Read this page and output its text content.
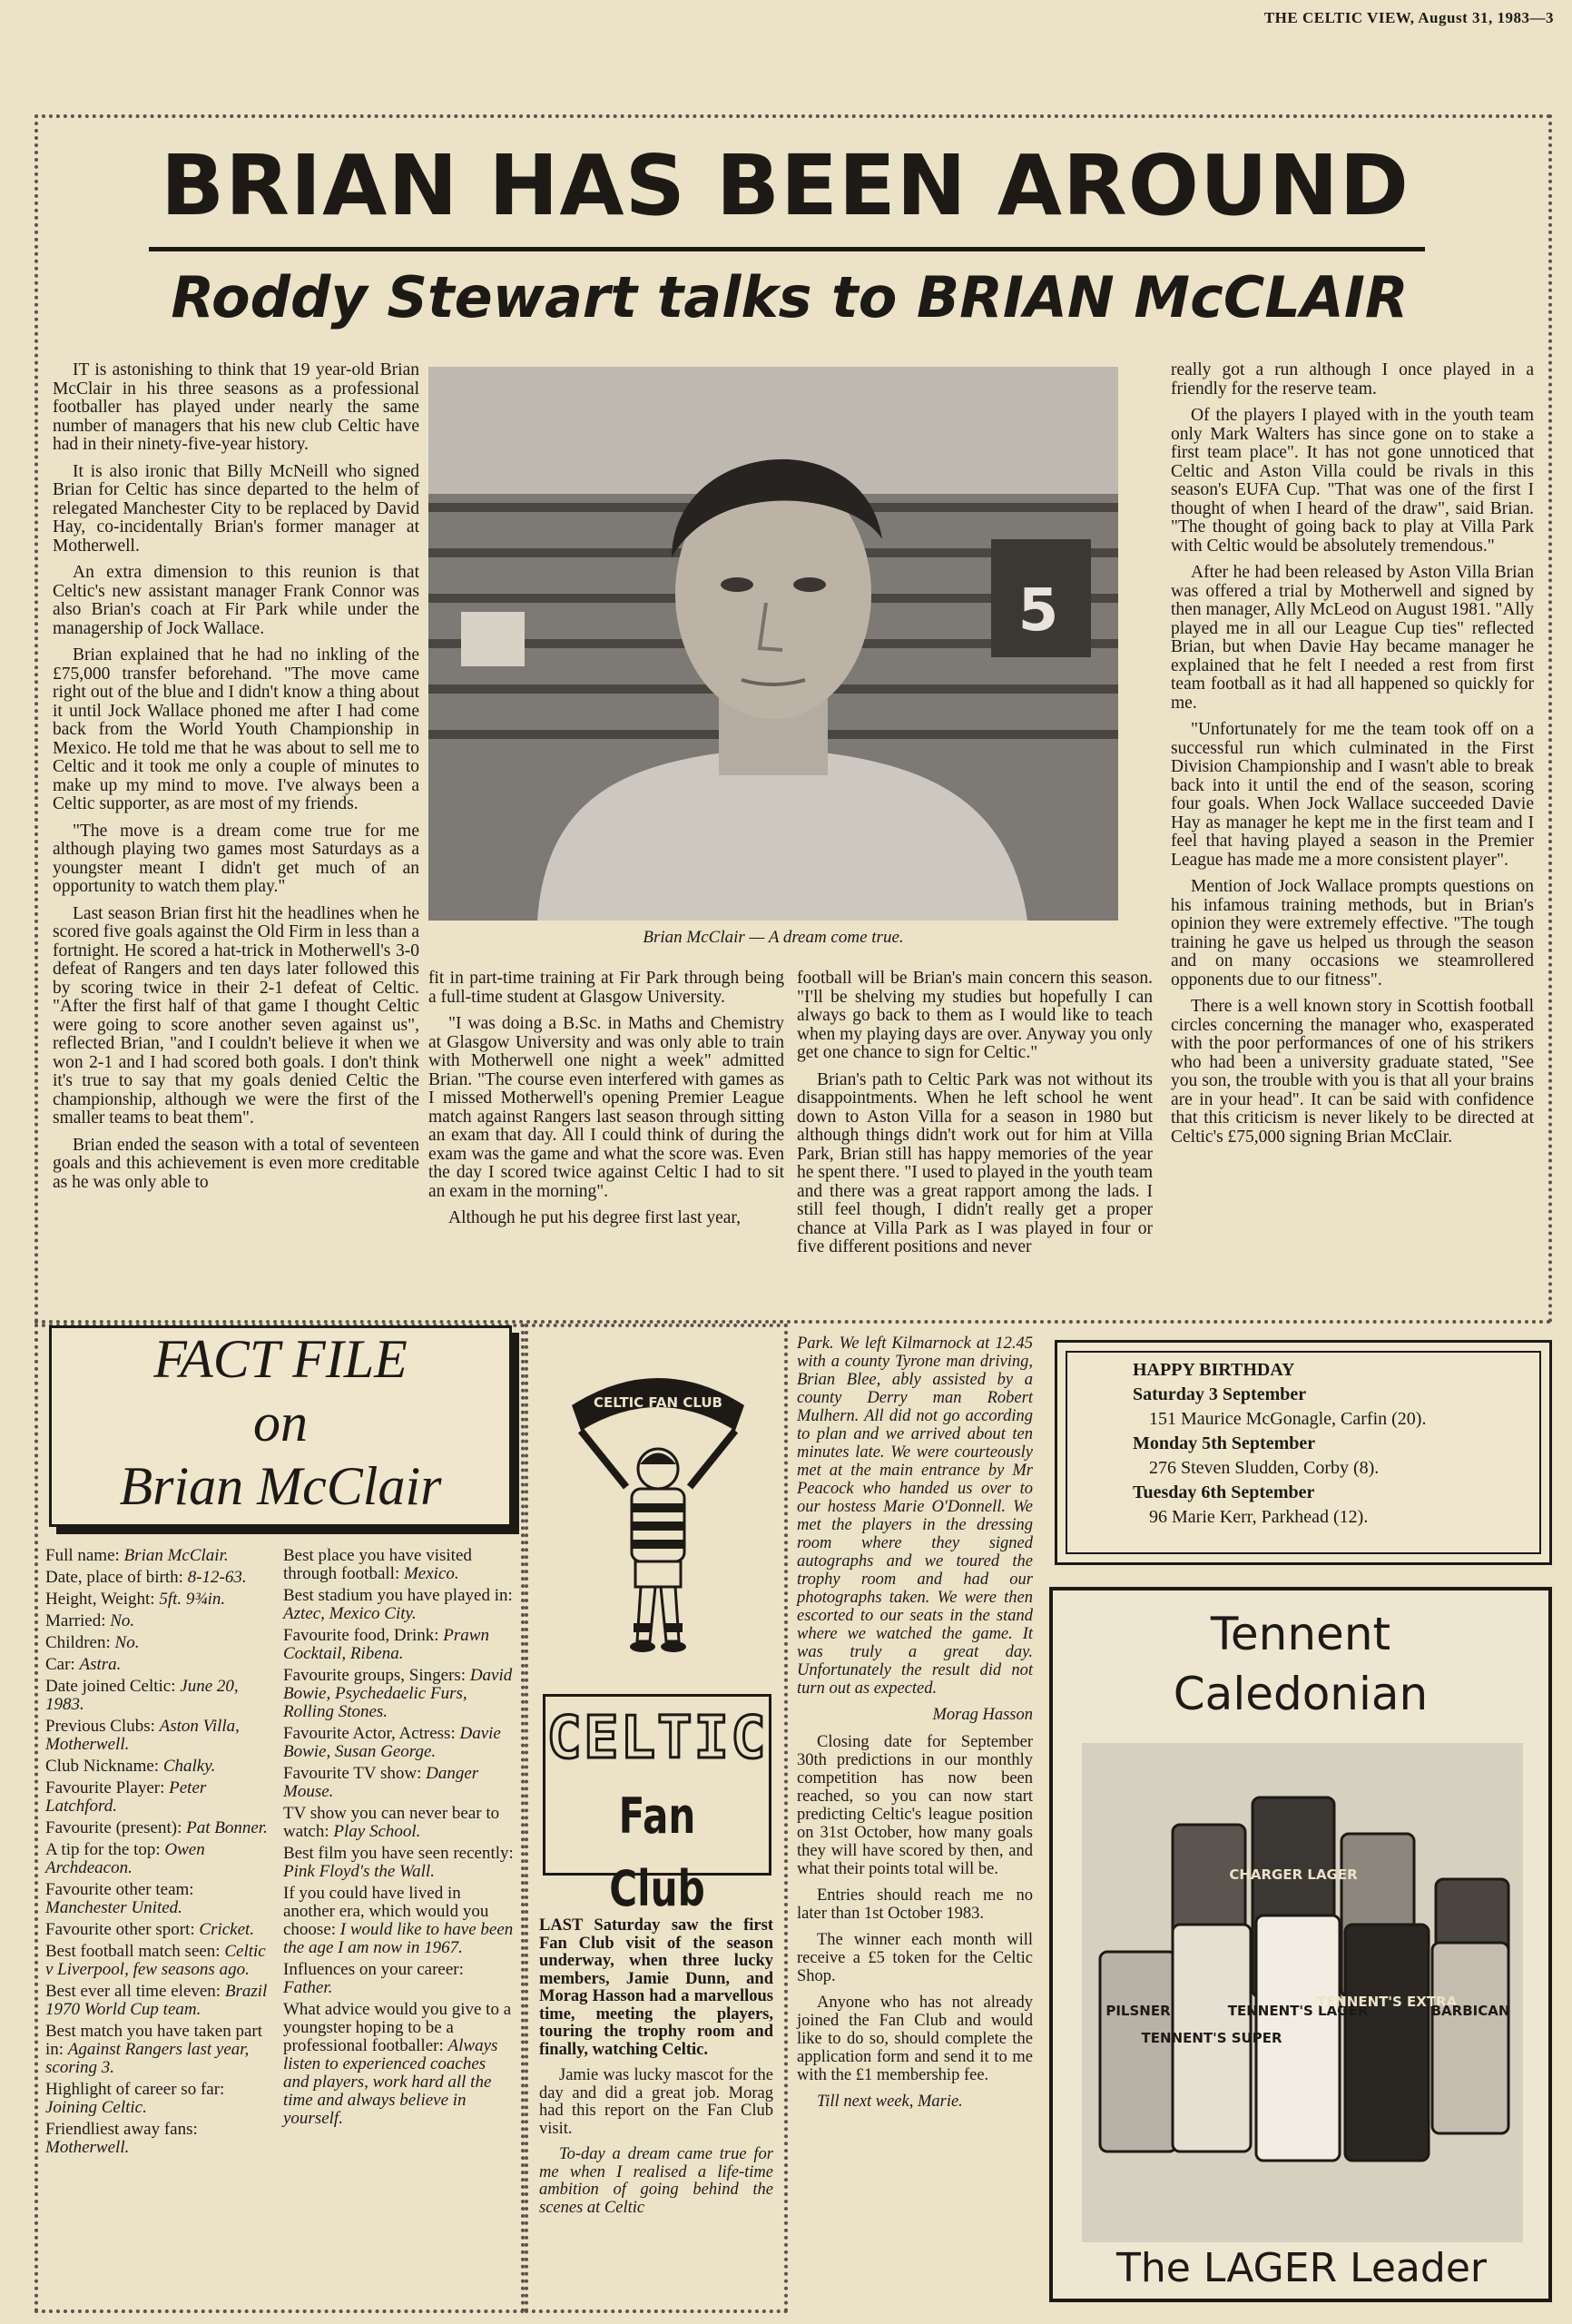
THE CELTIC VIEW, August 31, 1983—3
BRIAN HAS BEEN AROUND
Roddy Stewart talks to BRIAN McCLAIR

IT is astonishing to think that 19 year-old Brian McClair in his three seasons as a professional footballer has played under nearly the same number of managers that his new club Celtic have had in their ninety-five-year history.

It is also ironic that Billy McNeill who signed Brian for Celtic has since departed to the helm of relegated Manchester City to be replaced by David Hay, co-incidentally Brian's former manager at Motherwell.

An extra dimension to this reunion is that Celtic's new assistant manager Frank Connor was also Brian's coach at Fir Park while under the managership of Jock Wallace.

Brian explained that he had no inkling of the £75,000 transfer beforehand. "The move came right out of the blue and I didn't know a thing about it until Jock Wallace phoned me after I had come back from the World Youth Championship in Mexico. He told me that he was about to sell me to Celtic and it took me only a couple of minutes to make up my mind to move. I've always been a Celtic supporter, as are most of my friends.

"The move is a dream come true for me although playing two games most Saturdays as a youngster meant I didn't get much of an opportunity to watch them play."

Last season Brian first hit the headlines when he scored five goals against the Old Firm in less than a fortnight. He scored a hat-trick in Motherwell's 3-0 defeat of Rangers and ten days later followed this by scoring twice in their 2-1 defeat of Celtic. "After the first half of that game I thought Celtic were going to score another seven against us", reflected Brian, "and I couldn't believe it when we won 2-1 and I had scored both goals. I don't think it's true to say that my goals denied Celtic the championship, although we were the first of the smaller teams to beat them".

Brian ended the season with a total of seventeen goals and this achievement is even more creditable as he was only able to

5
Brian McClair — A dream come true.

fit in part-time training at Fir Park through being a full-time student at Glasgow University.

"I was doing a B.Sc. in Maths and Chemistry at Glasgow University and was only able to train with Motherwell one night a week" admitted Brian. "The course even interfered with games as I missed Motherwell's opening Premier League match against Rangers last season through sitting an exam that day. All I could think of during the exam was the game and what the score was. Even the day I scored twice against Celtic I had to sit an exam in the morning".

Although he put his degree first last year,

football will be Brian's main concern this season. "I'll be shelving my studies but hopefully I can always go back to them as I would like to teach when my playing days are over. Anyway you only get one chance to sign for Celtic."

Brian's path to Celtic Park was not without its disappointments. When he left school he went down to Aston Villa for a season in 1980 but although things didn't work out for him at Villa Park, Brian still has happy memories of the year he spent there. "I used to played in the youth team and there was a great rapport among the lads. I still feel though, I didn't really get a proper chance at Villa Park as I was played in four or five different positions and never

really got a run although I once played in a friendly for the reserve team.

Of the players I played with in the youth team only Mark Walters has since gone on to stake a first team place". It has not gone unnoticed that Celtic and Aston Villa could be rivals in this season's EUFA Cup. "That was one of the first I thought of when I heard of the draw", said Brian. "The thought of going back to play at Villa Park with Celtic would be absolutely tremendous."

After he had been released by Aston Villa Brian was offered a trial by Motherwell and signed by then manager, Ally McLeod on August 1981. "Ally played me in all our League Cup ties" reflected Brian, but when Davie Hay became manager he explained that he felt I needed a rest from first team football as it had all happened so quickly for me.

"Unfortunately for me the team took off on a successful run which culminated in the First Division Championship and I wasn't able to break back into it until the end of the season, scoring four goals. When Jock Wallace succeeded Davie Hay as manager he kept me in the first team and I feel that having played a season in the Premier League has made me a more consistent player".

Mention of Jock Wallace prompts questions on his infamous training methods, but in Brian's opinion they were extremely effective. "The tough training he gave us helped us through the season and on many occasions we steamrollered opponents due to our fitness".

There is a well known story in Scottish football circles concerning the manager who, exasperated with the poor performances of one of his strikers who had been a university graduate stated, "See you son, the trouble with you is that all your brains are in your head". It can be said with confidence that this criticism is never likely to be directed at Celtic's £75,000 signing Brian McClair.

FACT FILE
on
Brian McClair

Full name: Brian McClair.

Date, place of birth: 8-12-63.

Height, Weight: 5ft. 9¾in.

Married: No.

Children: No.

Car: Astra.

Date joined Celtic: June 20, 1983.

Previous Clubs: Aston Villa, Motherwell.

Club Nickname: Chalky.

Favourite Player: Peter Latchford.

Favourite (present): Pat Bonner.

A tip for the top: Owen Archdeacon.

Favourite other team: Manchester United.

Favourite other sport: Cricket.

Best football match seen: Celtic v Liverpool, few seasons ago.

Best ever all time eleven: Brazil 1970 World Cup team.

Best match you have taken part in: Against Rangers last year, scoring 3.

Highlight of career so far: Joining Celtic.

Friendliest away fans: Motherwell.

Best place you have visited through football: Mexico.

Best stadium you have played in: Aztec, Mexico City.

Favourite food, Drink: Prawn Cocktail, Ribena.

Favourite groups, Singers: David Bowie, Psychedaelic Furs, Rolling Stones.

Favourite Actor, Actress: Davie Bowie, Susan George.

Favourite TV show: Danger Mouse.

TV show you can never bear to watch: Play School.

Best film you have seen recently: Pink Floyd's the Wall.

If you could have lived in another era, which would you choose: I would like to have been the age I am now in 1967.

Influences on your career: Father.

What advice would you give to a youngster hoping to be a professional footballer: Always listen to experienced coaches and players, work hard all the time and always believe in yourself.

CELTIC FAN CLUB
CELTIC
Fan Club

LAST Saturday saw the first Fan Club visit of the season underway, when three lucky members, Jamie Dunn, and Morag Hasson had a marvellous time, meeting the players, touring the trophy room and finally, watching Celtic.

Jamie was lucky mascot for the day and did a great job. Morag had this report on the Fan Club visit.

To-day a dream came true for me when I realised a life-time ambition of going behind the scenes at Celtic

Park. We left Kilmarnock at 12.45 with a county Tyrone man driving, Brian Blee, ably assisted by a county Derry man Robert Mulhern. All did not go according to plan and we arrived about ten minutes late. We were courteously met at the main entrance by Mr Peacock who handed us over to our hostess Marie O'Donnell. We met the players in the dressing room where they signed autographs and we toured the trophy room and had our photographs taken. We were then escorted to our seats in the stand where we watched the game. It was truly a great day. Unfortunately the result did not turn out as expected.

Morag Hasson

Closing date for September 30th predictions in our monthly competition has now been reached, so you can now start predicting Celtic's league position on 31st October, how many goals they will have scored by then, and what their points total will be.

Entries should reach me no later than 1st October 1983.

The winner each month will receive a £5 token for the Celtic Shop.

Anyone who has not already joined the Fan Club and would like to do so, should complete the application form and send it to me with the £1 membership fee.

Till next week, Marie.

HAPPY BIRTHDAY
Saturday 3 September
151 Maurice McGonagle, Carfin (20).
Monday 5th September
276 Steven Sludden, Corby (8).
Tuesday 6th September
96 Marie Kerr, Parkhead (12).
Tennent
Caledonian
CHARGER LAGER
PILSNER
TENNENT'S SUPER
TENNENT'S LAGER
TENNENT'S EXTRA
BARBICAN
The LAGER Leader
